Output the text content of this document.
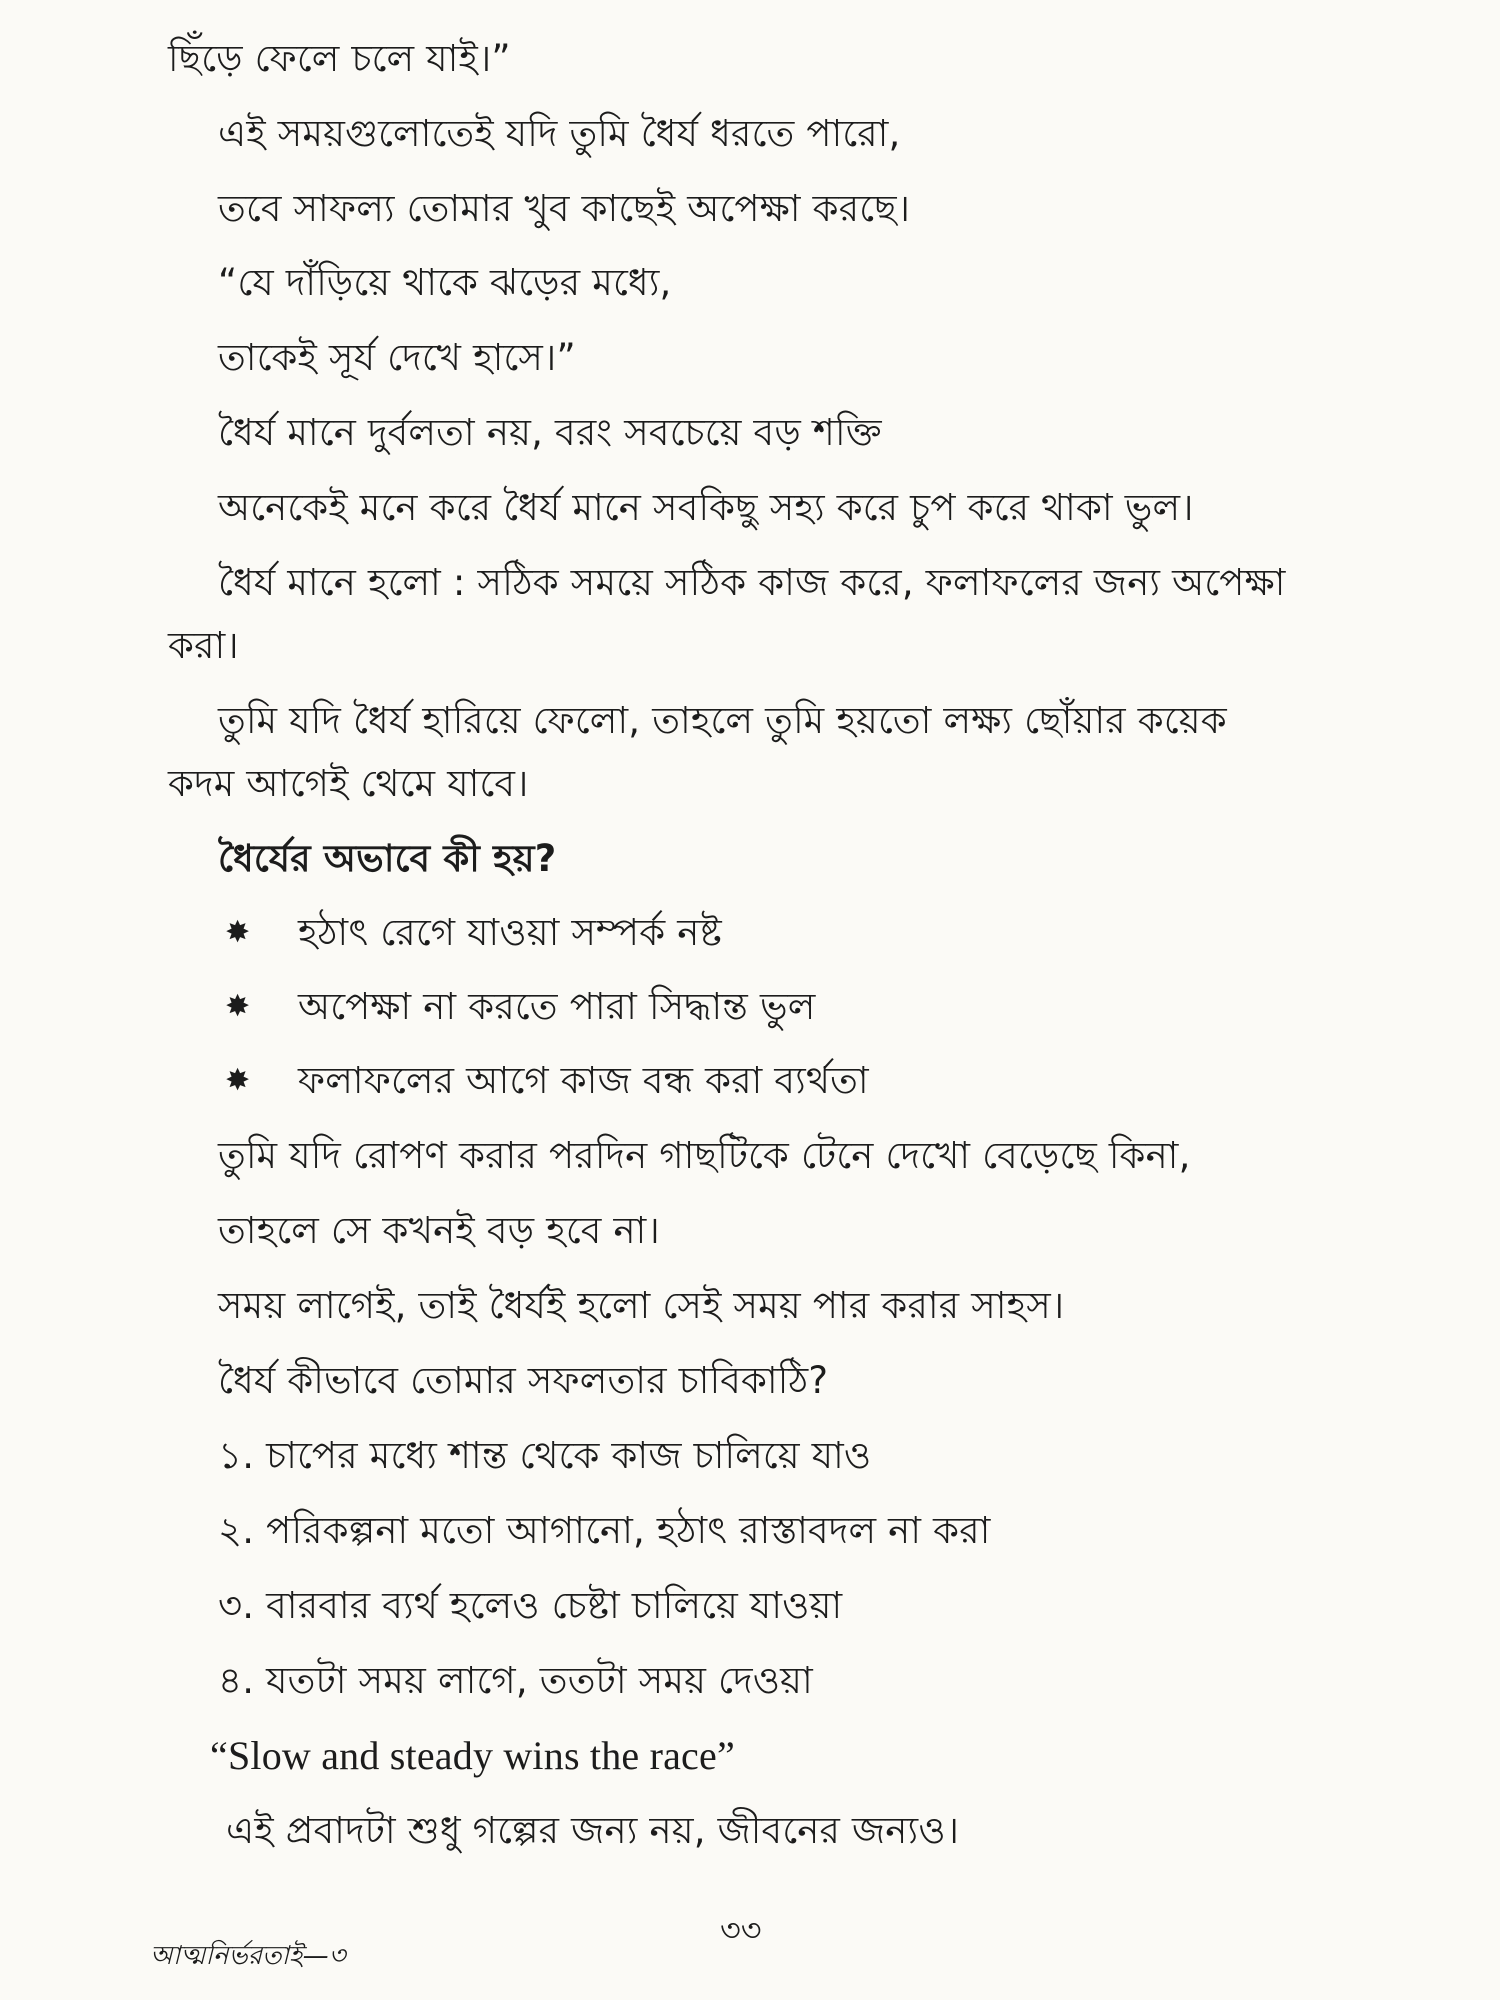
ছিঁড়ে ফেলে চলে যাই।”
এই সময়গুলোতেই যদি তুমি ধৈর্য ধরতে পারো,
তবে সাফল্য তোমার খুব কাছেই অপেক্ষা করছে।
“যে দাঁড়িয়ে থাকে ঝড়ের মধ্যে,
তাকেই সূর্য দেখে হাসে।”
ধৈর্য মানে দুর্বলতা নয়, বরং সবচেয়ে বড় শক্তি
অনেকেই মনে করে ধৈর্য মানে সবকিছু সহ্য করে চুপ করে থাকা ভুল।
ধৈর্য মানে হলো : সঠিক সময়ে সঠিক কাজ করে, ফলাফলের জন্য অপেক্ষা
করা।
তুমি যদি ধৈর্য হারিয়ে ফেলো, তাহলে তুমি হয়তো লক্ষ্য ছোঁয়ার কয়েক
কদম আগেই থেমে যাবে।
ধৈর্যের অভাবে কী হয়?
✸ হঠাৎ রেগে যাওয়া সম্পর্ক নষ্ট
✸ অপেক্ষা না করতে পারা সিদ্ধান্ত ভুল
✸ ফলাফলের আগে কাজ বন্ধ করা ব্যর্থতা
তুমি যদি রোপণ করার পরদিন গাছটিকে টেনে দেখো বেড়েছে কিনা,
তাহলে সে কখনই বড় হবে না।
সময় লাগেই, তাই ধৈর্যই হলো সেই সময় পার করার সাহস।
ধৈর্য কীভাবে তোমার সফলতার চাবিকাঠি?
১. চাপের মধ্যে শান্ত থেকে কাজ চালিয়ে যাও
২. পরিকল্পনা মতো আগানো, হঠাৎ রাস্তাবদল না করা
৩. বারবার ব্যর্থ হলেও চেষ্টা চালিয়ে যাওয়া
৪. যতটা সময় লাগে, ততটা সময় দেওয়া
“Slow and steady wins the race”
এই প্রবাদটা শুধু গল্পের জন্য নয়, জীবনের জন্যও।
৩৩
আত্মনির্ভরতাই—৩
